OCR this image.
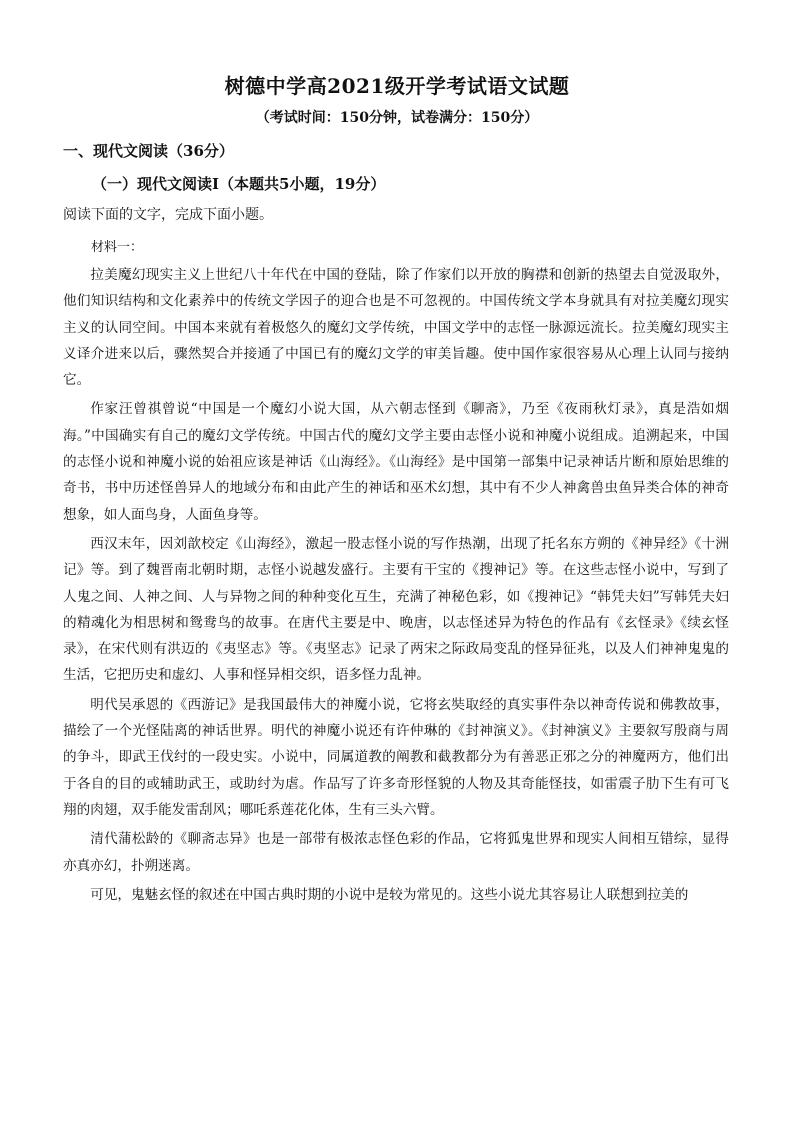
树德中学高2021级开学考试语文试题
（考试时间：150分钟，试卷满分：150分）
一、现代文阅读（36分）
（一）现代文阅读Ⅰ（本题共5小题，19分）
阅读下面的文字，完成下面小题。
材料一：

拉美魔幻现实主义上世纪八十年代在中国的登陆，除了作家们以开放的胸襟和创新的热望去自觉汲取外，他们知识结构和文化素养中的传统文学因子的迎合也是不可忽视的。中国传统文学本身就具有对拉美魔幻现实主义的认同空间。中国本来就有着极悠久的魔幻文学传统，中国文学中的志怪一脉源远流长。拉美魔幻现实主义译介进来以后，骤然契合并接通了中国已有的魔幻文学的审美旨趣。使中国作家很容易从心理上认同与接纳它。

作家汪曾祺曾说“中国是一个魔幻小说大国，从六朝志怪到《聊斋》，乃至《夜雨秋灯录》，真是浩如烟海。”中国确实有自己的魔幻文学传统。中国古代的魔幻文学主要由志怪小说和神魔小说组成。追溯起来，中国的志怪小说和神魔小说的始祖应该是神话《山海经》。《山海经》是中国第一部集中记录神话片断和原始思维的奇书，书中历述怪兽异人的地域分布和由此产生的神话和巫术幻想，其中有不少人神禽兽虫鱼异类合体的神奇想象，如人面鸟身，人面鱼身等。

西汉末年，因刘歆校定《山海经》，激起一股志怪小说的写作热潮，出现了托名东方朔的《神异经》《十洲记》等。到了魏晋南北朝时期，志怪小说越发盛行。主要有干宝的《搜神记》等。在这些志怪小说中，写到了人鬼之间、人神之间、人与异物之间的种种变化互生，充满了神秘色彩，如《搜神记》“韩凭夫妇”写韩凭夫妇的精魂化为相思树和鸳鸯鸟的故事。在唐代主要是中、晚唐，以志怪述异为特色的作品有《玄怪录》《续玄怪录》，在宋代则有洪迈的《夷坚志》等。《夷坚志》记录了两宋之际政局变乱的怪异征兆，以及人们神神鬼鬼的生活，它把历史和虚幻、人事和怪异相交织，语多怪力乱神。

明代吴承恩的《西游记》是我国最伟大的神魔小说，它将玄奘取经的真实事件杂以神奇传说和佛教故事，描绘了一个光怪陆离的神话世界。明代的神魔小说还有许仲琳的《封神演义》。《封神演义》主要叙写殷商与周的争斗，即武王伐纣的一段史实。小说中，同属道教的阐教和截教都分为有善恶正邪之分的神魔两方，他们出于各自的目的或辅助武王，或助纣为虐。作品写了许多奇形怪貌的人物及其奇能怪技，如雷震子肋下生有可飞翔的肉翅，双手能发雷刮风；哪吒系莲花化体，生有三头六臂。

清代蒲松龄的《聊斋志异》也是一部带有极浓志怪色彩的作品，它将狐鬼世界和现实人间相互错综，显得亦真亦幻，扑朔迷离。

可见，鬼魅玄怪的叙述在中国古典时期的小说中是较为常见的。这些小说尤其容易让人联想到拉美的
